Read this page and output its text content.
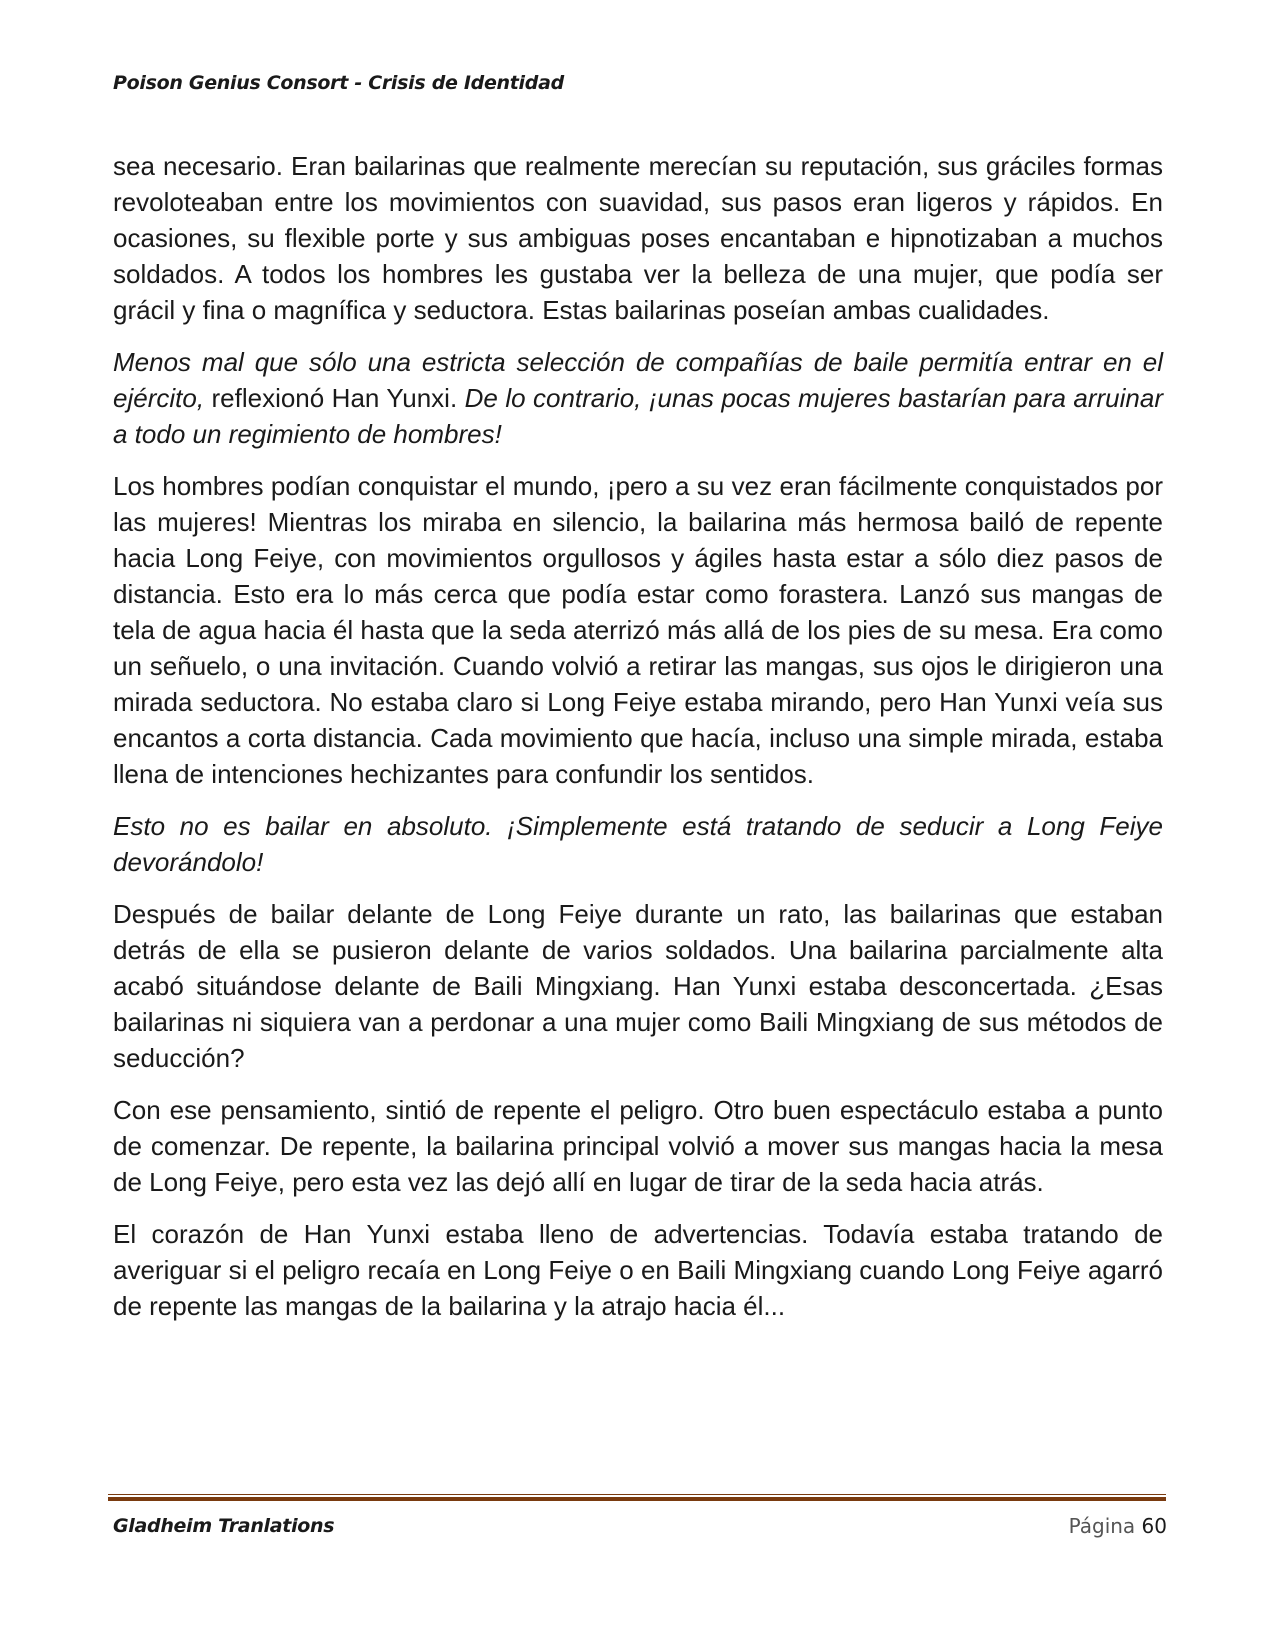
Poison Genius Consort - Crisis de Identidad

sea necesario. Eran bailarinas que realmente merecían su reputación, sus gráciles formas revoloteaban entre los movimientos con suavidad, sus pasos eran ligeros y rápidos. En ocasiones, su flexible porte y sus ambiguas poses encantaban e hipnotizaban a muchos soldados. A todos los hombres les gustaba ver la belleza de una mujer, que podía ser grácil y fina o magnífica y seductora. Estas bailarinas poseían ambas cualidades.

Menos mal que sólo una estricta selección de compañías de baile permitía entrar en el ejército, reflexionó Han Yunxi. De lo contrario, ¡unas pocas mujeres bastarían para arruinar a todo un regimiento de hombres!

Los hombres podían conquistar el mundo, ¡pero a su vez eran fácilmente conquistados por las mujeres! Mientras los miraba en silencio, la bailarina más hermosa bailó de repente hacia Long Feiye, con movimientos orgullosos y ágiles hasta estar a sólo diez pasos de distancia. Esto era lo más cerca que podía estar como forastera. Lanzó sus mangas de tela de agua hacia él hasta que la seda aterrizó más allá de los pies de su mesa. Era como un señuelo, o una invitación. Cuando volvió a retirar las mangas, sus ojos le dirigieron una mirada seductora. No estaba claro si Long Feiye estaba mirando, pero Han Yunxi veía sus encantos a corta distancia. Cada movimiento que hacía, incluso una simple mirada, estaba llena de intenciones hechizantes para confundir los sentidos.

Esto no es bailar en absoluto. ¡Simplemente está tratando de seducir a Long Feiye devorándolo!

Después de bailar delante de Long Feiye durante un rato, las bailarinas que estaban detrás de ella se pusieron delante de varios soldados. Una bailarina parcialmente alta acabó situándose delante de Baili Mingxiang. Han Yunxi estaba desconcertada. ¿Esas bailarinas ni siquiera van a perdonar a una mujer como Baili Mingxiang de sus métodos de seducción?

Con ese pensamiento, sintió de repente el peligro. Otro buen espectáculo estaba a punto de comenzar. De repente, la bailarina principal volvió a mover sus mangas hacia la mesa de Long Feiye, pero esta vez las dejó allí en lugar de tirar de la seda hacia atrás.

El corazón de Han Yunxi estaba lleno de advertencias. Todavía estaba tratando de averiguar si el peligro recaía en Long Feiye o en Baili Mingxiang cuando Long Feiye agarró de repente las mangas de la bailarina y la atrajo hacia él...

Gladheim Tranlations	Página 60
